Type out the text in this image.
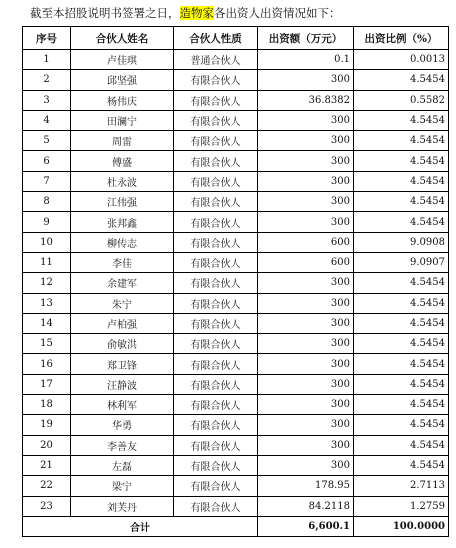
截至本招股说明书签署之日，造物家各出资人出资情况如下：
序号	合伙人姓名	合伙人性质	出资额（万元）	出资比例（%）
1	卢佳琪	普通合伙人	0.1	0.0013
2	邱坚强	有限合伙人	300	4.5454
3	杨伟庆	有限合伙人	36.8382	0.5582
4	田澜宁	有限合伙人	300	4.5454
5	周雷	有限合伙人	300	4.5454
6	傅盛	有限合伙人	300	4.5454
7	杜永波	有限合伙人	300	4.5454
8	江伟强	有限合伙人	300	4.5454
9	张邦鑫	有限合伙人	300	4.5454
10	柳传志	有限合伙人	600	9.0908
11	李佳	有限合伙人	600	9.0907
12	余建军	有限合伙人	300	4.5454
13	朱宁	有限合伙人	300	4.5454
14	卢柏强	有限合伙人	300	4.5454
15	俞敏洪	有限合伙人	300	4.5454
16	郑卫锋	有限合伙人	300	4.5454
17	汪静波	有限合伙人	300	4.5454
18	林利军	有限合伙人	300	4.5454
19	华勇	有限合伙人	300	4.5454
20	李善友	有限合伙人	300	4.5454
21	左磊	有限合伙人	300	4.5454
22	梁宁	有限合伙人	178.95	2.7113
23	刘芙丹	有限合伙人	84.2118	1.2759
合计			6,600.1	100.0000
